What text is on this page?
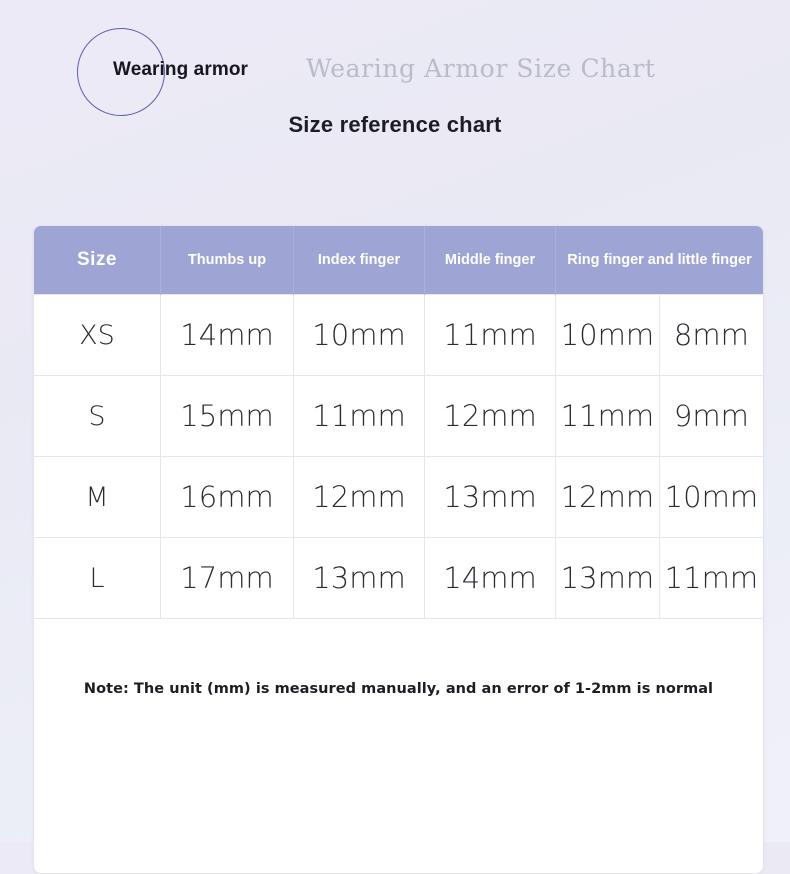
Wearing armor Wearing Armor Size Chart
Size reference chart
Size	Thumbs up	Index finger	Middle finger	Ring finger and little finger	
XS	14mm	10mm	11mm	10mm	8mm
S	15mm	11mm	12mm	11mm	9mm
M	16mm	12mm	13mm	12mm	10mm
L	17mm	13mm	14mm	13mm	11mm

Note: The unit (mm) is measured manually, and an error of 1-2mm is normal					
